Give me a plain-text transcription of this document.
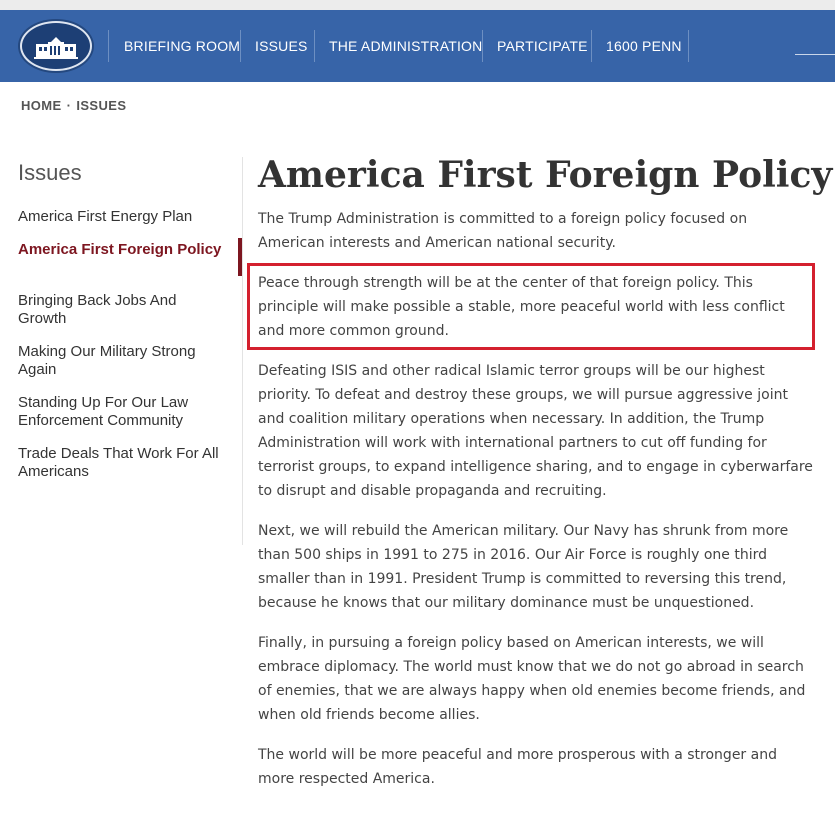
BRIEFING ROOM ISSUES THE ADMINISTRATION PARTICIPATE 1600 PENN
HOME · ISSUES
Issues
America First Energy Plan
America First Foreign Policy
Bringing Back Jobs And Growth
Making Our Military Strong Again
Standing Up For Our Law Enforcement Community
Trade Deals That Work For All Americans
America First Foreign Policy

The Trump Administration is committed to a foreign policy focused on American interests and American national security.

Peace through strength will be at the center of that foreign policy. This principle will make possible a stable, more peaceful world with less conflict and more common ground.

Defeating ISIS and other radical Islamic terror groups will be our highest priority. To defeat and destroy these groups, we will pursue aggressive joint and coalition military operations when necessary. In addition, the Trump Administration will work with international partners to cut off funding for terrorist groups, to expand intelligence sharing, and to engage in cyberwarfare to disrupt and disable propaganda and recruiting.

Next, we will rebuild the American military. Our Navy has shrunk from more than 500 ships in 1991 to 275 in 2016. Our Air Force is roughly one third smaller than in 1991. President Trump is committed to reversing this trend, because he knows that our military dominance must be unquestioned.

Finally, in pursuing a foreign policy based on American interests, we will embrace diplomacy. The world must know that we do not go abroad in search of enemies, that we are always happy when old enemies become friends, and when old friends become allies.

The world will be more peaceful and more prosperous with a stronger and more respected America.
